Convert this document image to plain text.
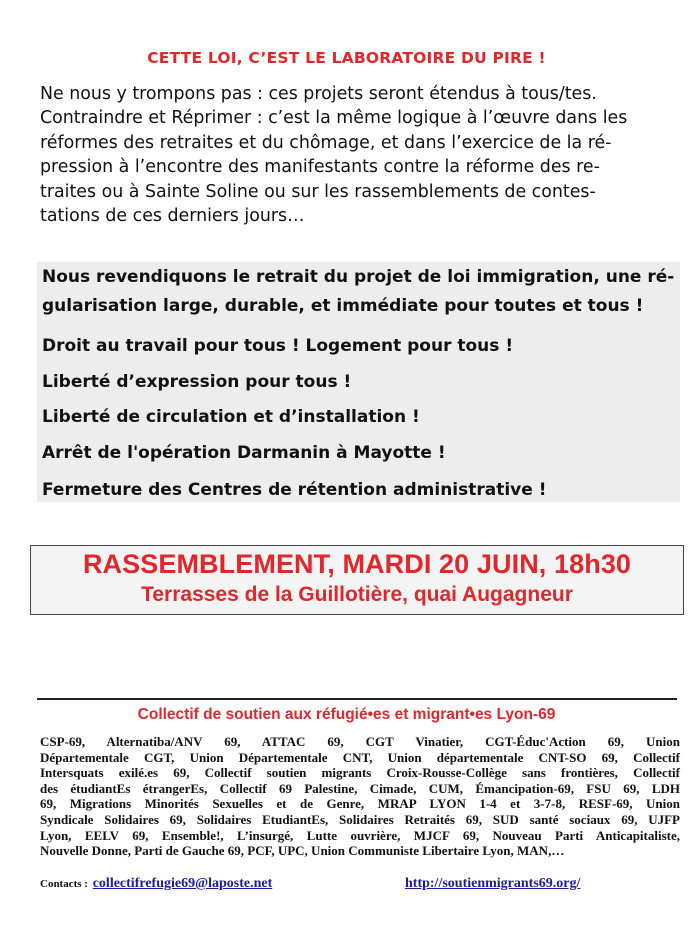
CETTE LOI, C’EST LE LABORATOIRE DU PIRE !
Ne nous y trompons pas : ces projets seront étendus à tous/tes.
Contraindre et Réprimer : c’est la même logique à l’œuvre dans les
réformes des retraites et du chômage, et dans l’exercice de la ré-
pression à l’encontre des manifestants contre la réforme des re-
traites ou à Sainte Soline ou sur les rassemblements de contes-
tations de ces derniers jours…
Nous revendiquons le retrait du projet de loi immigration, une ré-
gularisation large, durable, et immédiate pour toutes et tous !
Droit au travail pour tous ! Logement pour tous !
Liberté d’expression pour tous !
Liberté de circulation et d’installation !
Arrêt de l'opération Darmanin à Mayotte !
Fermeture des Centres de rétention administrative !
RASSEMBLEMENT, MARDI 20 JUIN, 18h30
Terrasses de la Guillotière, quai Augagneur
Collectif de soutien aux réfugié•es et migrant•es Lyon-69
CSP-69, Alternatiba/ANV 69, ATTAC 69, CGT Vinatier, CGT-Éduc'Action 69, Union
Départementale CGT, Union Départementale CNT, Union départementale CNT-SO 69, Collectif
Intersquats exilé.es 69, Collectif soutien migrants Croix-Rousse-Collège sans frontières, Collectif
des étudiantEs étrangerEs, Collectif 69 Palestine, Cimade, CUM, Émancipation-69, FSU 69, LDH
69, Migrations Minorités Sexuelles et de Genre, MRAP LYON 1-4 et 3-7-8, RESF-69, Union
Syndicale Solidaires 69, Solidaires EtudiantEs, Solidaires Retraités 69, SUD santé sociaux 69, UJFP
Lyon, EELV 69, Ensemble!, L’insurgé, Lutte ouvrière, MJCF 69, Nouveau Parti Anticapitaliste,
Nouvelle Donne, Parti de Gauche 69, PCF, UPC, Union Communiste Libertaire Lyon, MAN,…
Contacts : collectifrefugie69@laposte.net	http://soutienmigrants69.org/
